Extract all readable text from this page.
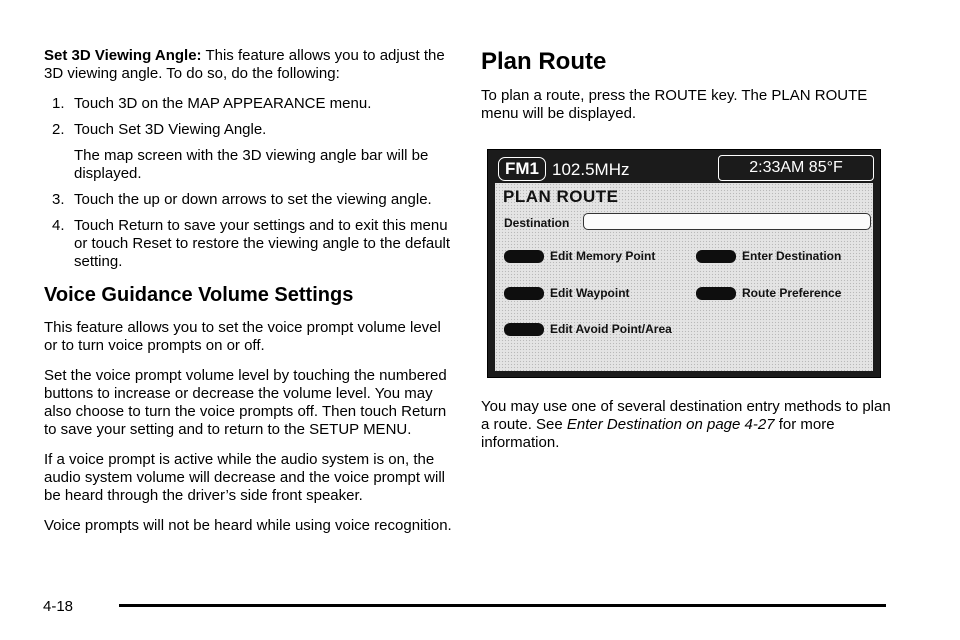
Set 3D Viewing Angle: This feature allows you to adjust the 3D viewing angle. To do so, do the following:

1. Touch 3D on the MAP APPEARANCE menu.
2. Touch Set 3D Viewing Angle.
The map screen with the 3D viewing angle bar will be displayed.
3. Touch the up or down arrows to set the viewing angle.
4. Touch Return to save your settings and to exit this menu or touch Reset to restore the viewing angle to the default setting.
Voice Guidance Volume Settings

This feature allows you to set the voice prompt volume level or to turn voice prompts on or off.

Set the voice prompt volume level by touching the numbered buttons to increase or decrease the volume level. You may also choose to turn the voice prompts off. Then touch Return to save your setting and to return to the SETUP MENU.

If a voice prompt is active while the audio system is on, the audio system volume will decrease and the voice prompt will be heard through the driver’s side front speaker.

Voice prompts will not be heard while using voice recognition.

Plan Route

To plan a route, press the ROUTE key. The PLAN ROUTE menu will be displayed.

FM1 102.5MHz	2:33AM 85°F
PLAN ROUTE
Destination
Edit Memory Point	Enter Destination
Edit Waypoint	Route Preference
Edit Avoid Point/Area

You may use one of several destination entry methods to plan a route. See Enter Destination on page 4-27 for more information.

4-18
